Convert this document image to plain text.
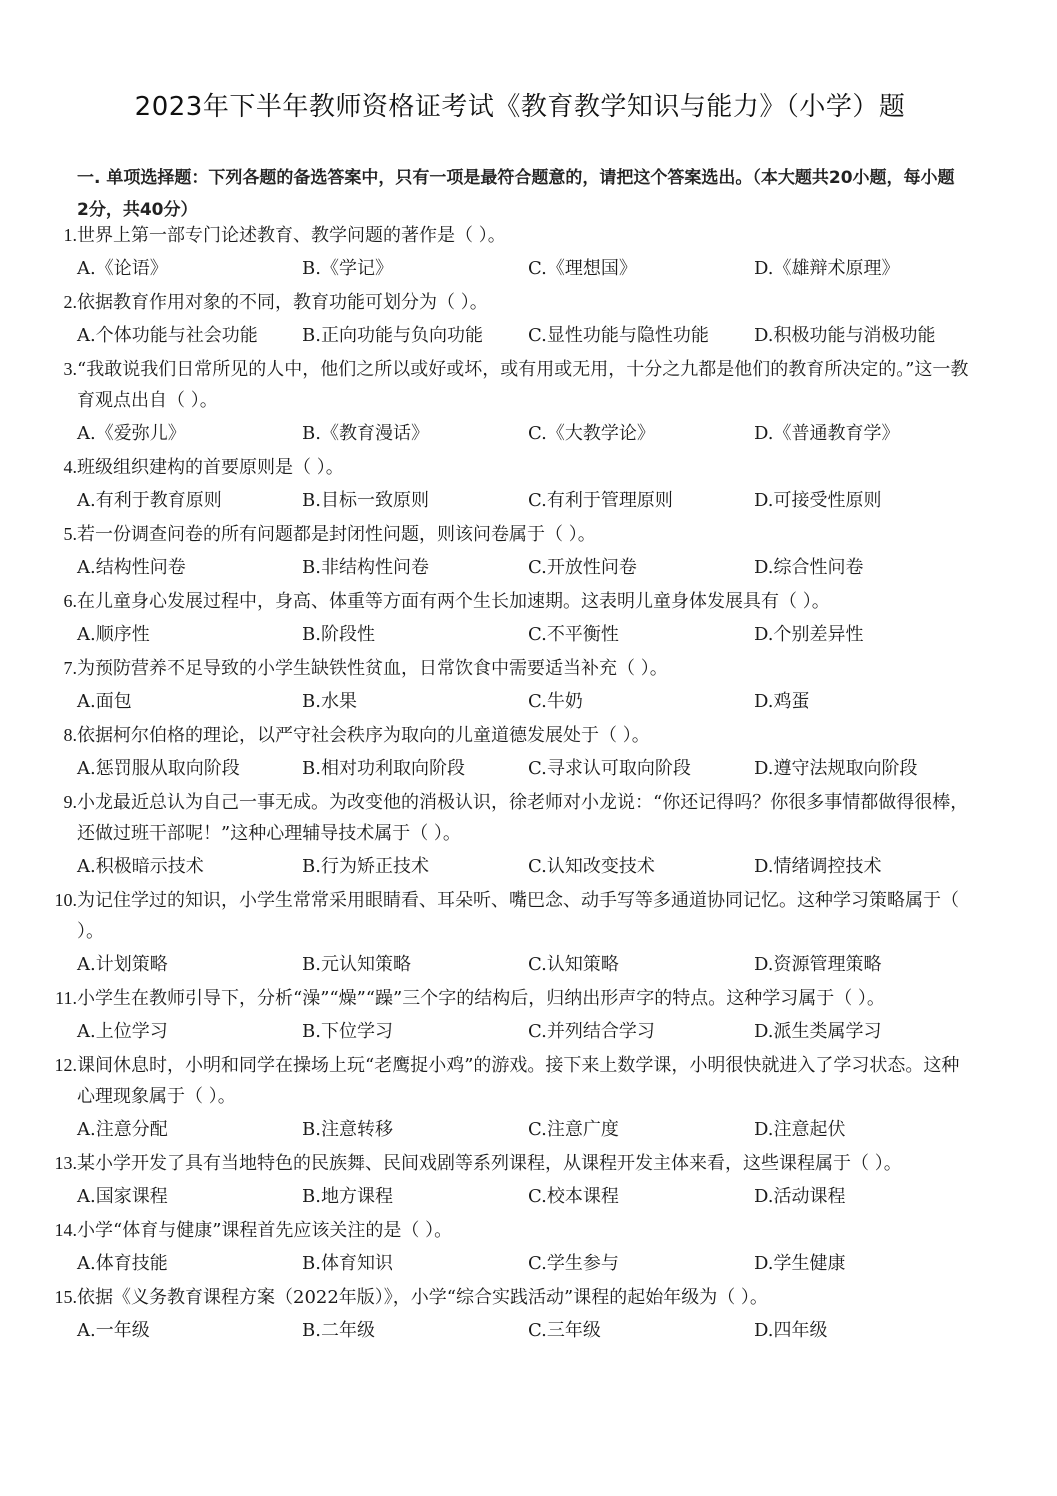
2023年下半年教师资格证考试《教育教学知识与能力》（小学）题
一. 单项选择题：下列各题的备选答案中，只有一项是最符合题意的，请把这个答案选出。（本大题共20小题，每小题2分，共40分）
1. 世界上第一部专门论述教育、教学问题的著作是（ ）。
A.《论语》	B.《学记》	C.《理想国》	D.《雄辩术原理》
2. 依据教育作用对象的不同，教育功能可划分为（ ）。
A.个体功能与社会功能 B.正向功能与负向功能	C.显性功能与隐性功能	D.积极功能与消极功能
3. “我敢说我们日常所见的人中，他们之所以或好或坏，或有用或无用，十分之九都是他们的教育所决定的。”这一教育观点出自（ ）。
A.《爱弥儿》	B.《教育漫话》	C.《大教学论》	D.《普通教育学》
4. 班级组织建构的首要原则是（ ）。
A.有利于教育原则	B.目标一致原则	C.有利于管理原则	D.可接受性原则
5. 若一份调查问卷的所有问题都是封闭性问题，则该问卷属于（ ）。
A.结构性问卷	B.非结构性问卷	C.开放性问卷	D.综合性问卷
6. 在儿童身心发展过程中，身高、体重等方面有两个生长加速期。这表明儿童身体发展具有（ ）。
A.顺序性	B.阶段性	C.不平衡性	D.个别差异性
7. 为预防营养不足导致的小学生缺铁性贫血，日常饮食中需要适当补充（ ）。
A.面包	B.水果	C.牛奶	D.鸡蛋
8. 依据柯尔伯格的理论，以严守社会秩序为取向的儿童道德发展处于（ ）。
A.惩罚服从取向阶段	B.相对功利取向阶段	C.寻求认可取向阶段	D.遵守法规取向阶段
9. 小龙最近总认为自己一事无成。为改变他的消极认识，徐老师对小龙说：“你还记得吗？你很多事情都做得很棒，还做过班干部呢！”这种心理辅导技术属于（ ）。
A.积极暗示技术	B.行为矫正技术	C.认知改变技术	D.情绪调控技术
10. 为记住学过的知识，小学生常常采用眼睛看、耳朵听、嘴巴念、动手写等多通道协同记忆。这种学习策略属于（ ）。
A.计划策略	B.元认知策略	C.认知策略	D.资源管理策略
11. 小学生在教师引导下，分析“澡”“燥”“躁”三个字的结构后，归纳出形声字的特点。这种学习属于（ ）。
A.上位学习	B.下位学习	C.并列结合学习	D.派生类属学习
12. 课间休息时，小明和同学在操场上玩“老鹰捉小鸡”的游戏。接下来上数学课，小明很快就进入了学习状态。这种心理现象属于（ ）。
A.注意分配	B.注意转移	C.注意广度	D.注意起伏
13. 某小学开发了具有当地特色的民族舞、民间戏剧等系列课程，从课程开发主体来看，这些课程属于（ ）。
A.国家课程	B.地方课程	C.校本课程	D.活动课程
14. 小学“体育与健康”课程首先应该关注的是（ ）。
A.体育技能	B.体育知识	C.学生参与	D.学生健康
15. 依据《义务教育课程方案（2022年版）》，小学“综合实践活动”课程的起始年级为（ ）。
A.一年级	B.二年级	C.三年级	D.四年级
